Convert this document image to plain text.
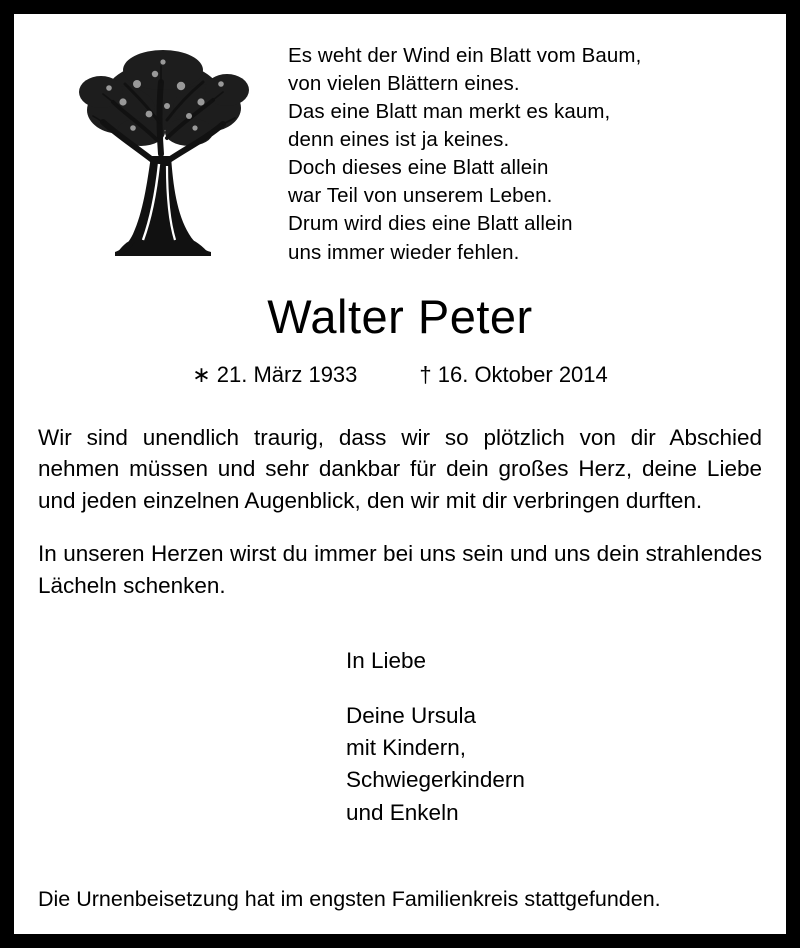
Es weht der Wind ein Blatt vom Baum,
von vielen Blättern eines.
Das eine Blatt man merkt es kaum,
denn eines ist ja keines.
Doch dieses eine Blatt allein
war Teil von unserem Leben.
Drum wird dies eine Blatt allein
uns immer wieder fehlen.
Walter Peter
∗ 21. März 1933	† 16. Oktober 2014

Wir sind unendlich traurig, dass wir so plötzlich von dir Abschied nehmen müssen und sehr dankbar für dein großes Herz, deine Liebe und jeden einzelnen Augenblick, den wir mit dir verbringen durften.

In unseren Herzen wirst du immer bei uns sein und uns dein strahlendes Lächeln schenken.

In Liebe
Deine Ursula
mit Kindern,
Schwiegerkindern
und Enkeln
Die Urnenbeisetzung hat im engsten Familienkreis stattgefunden.
